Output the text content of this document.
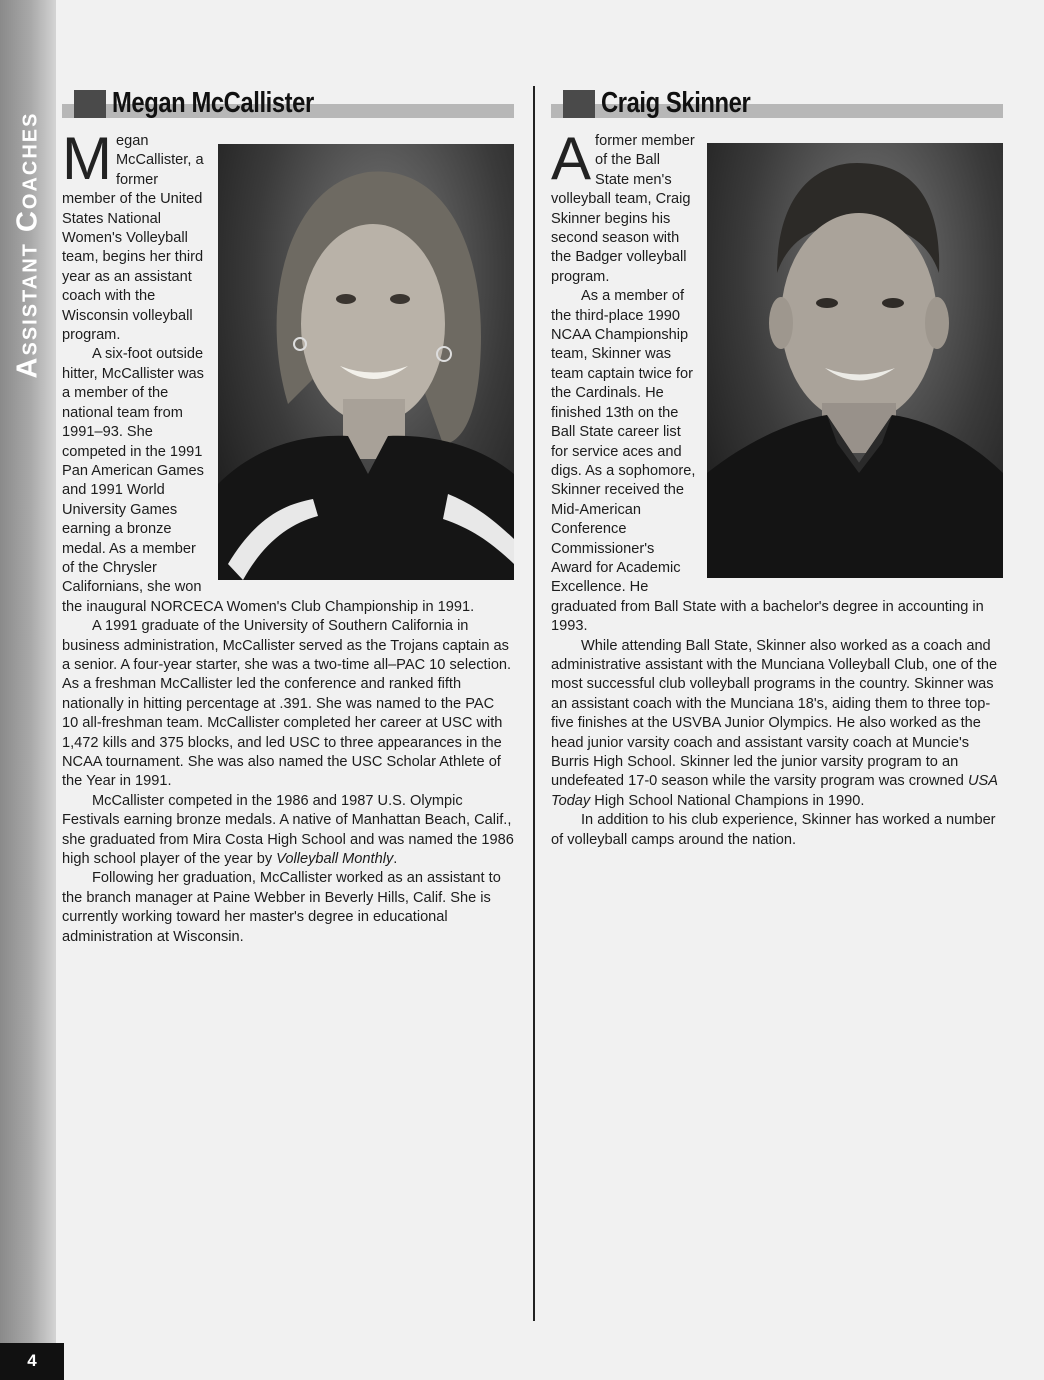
Assistant Coaches
4
Megan McCallister

Megan McCallister, a former member of the United States National Women's Volleyball team, begins her third year as an assistant coach with the Wisconsin volleyball program.

A six-foot outside hitter, McCallister was a member of the national team from 1991–93. She competed in the 1991 Pan American Games and 1991 World University Games earning a bronze medal. As a member of the Chrysler Californians, she won the inaugural NORCECA Women's Club Championship in 1991.

A 1991 graduate of the University of Southern California in business administration, McCallister served as the Trojans captain as a senior. A four-year starter, she was a two-time all–PAC 10 selection. As a freshman McCallister led the conference and ranked fifth nationally in hitting percentage at .391. She was named to the PAC 10 all-freshman team. McCallister completed her career at USC with 1,472 kills and 375 blocks, and led USC to three appearances in the NCAA tournament. She was also named the USC Scholar Athlete of the Year in 1991.

McCallister competed in the 1986 and 1987 U.S. Olympic Festivals earning bronze medals. A native of Manhattan Beach, Calif., she graduated from Mira Costa High School and was named the 1986 high school player of the year by Volleyball Monthly.

Following her graduation, McCallister worked as an assistant to the branch manager at Paine Webber in Beverly Hills, Calif. She is currently working toward her master's degree in educational administration at Wisconsin.

Craig Skinner

Aformer member of the Ball State men's volleyball team, Craig Skinner begins his second season with the Badger volleyball program.

As a member of the third-place 1990 NCAA Championship team, Skinner was team captain twice for the Cardinals. He finished 13th on the Ball State career list for service aces and digs. As a sophomore, Skinner received the Mid-American Conference Commissioner's Award for Academic Excellence. He graduated from Ball State with a bachelor's degree in accounting in 1993.

While attending Ball State, Skinner also worked as a coach and administrative assistant with the Munciana Volleyball Club, one of the most successful club volleyball programs in the country. Skinner was an assistant coach with the Munciana 18's, aiding them to three top-five finishes at the USVBA Junior Olympics. He also worked as the head junior varsity coach and assistant varsity coach at Muncie's Burris High School. Skinner led the junior varsity program to an undefeated 17-0 season while the varsity program was crowned USA Today High School National Champions in 1990.

In addition to his club experience, Skinner has worked a number of volleyball camps around the nation.
